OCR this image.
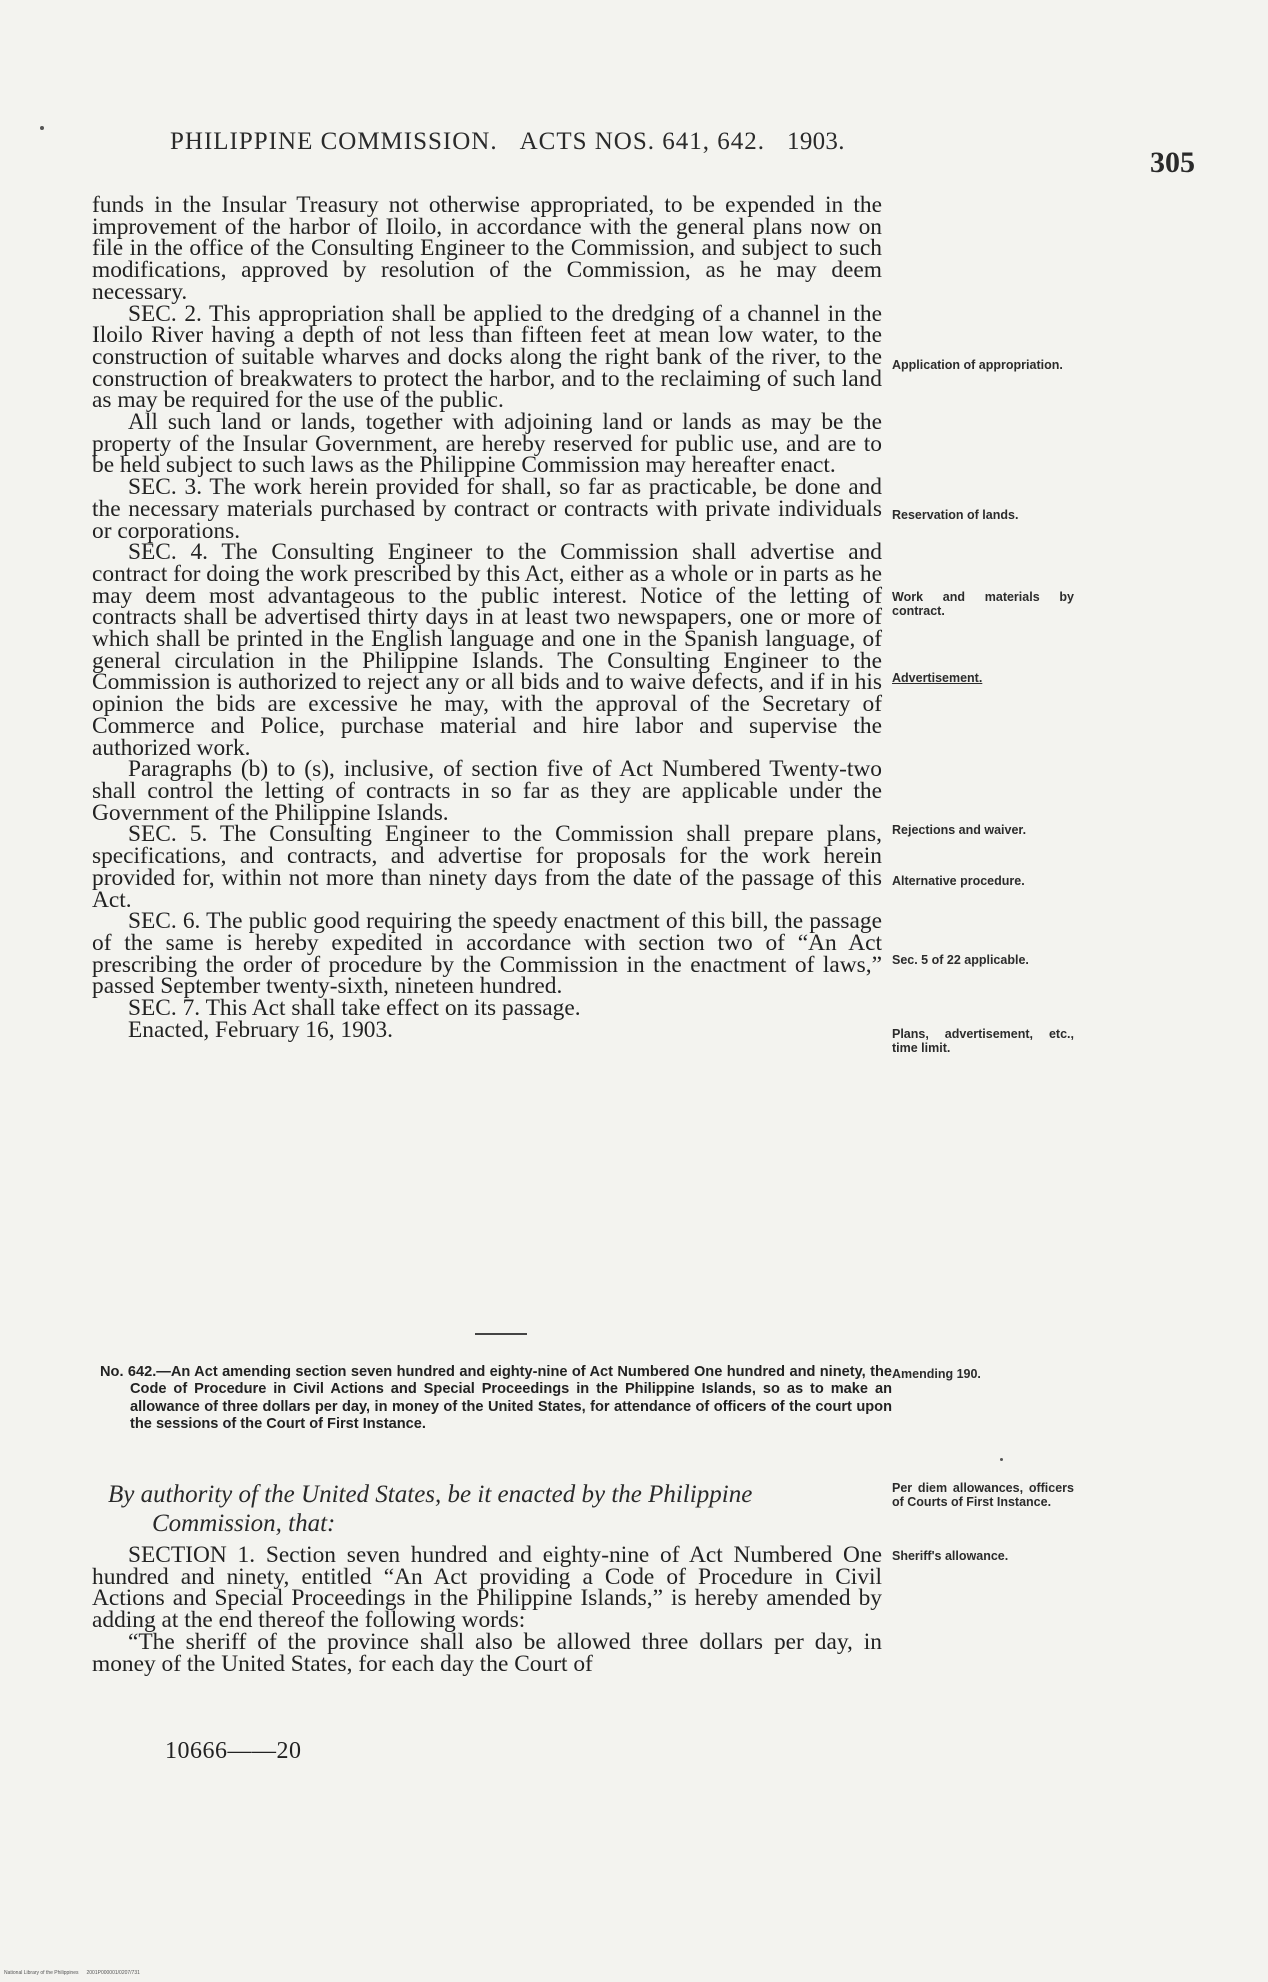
PHILIPPINE COMMISSION. ACTS NOS. 641, 642. 1903.
305

funds in the Insular Treasury not otherwise appropriated, to be expended in the improvement of the harbor of Iloilo, in accordance with the general plans now on file in the office of the Consulting Engineer to the Commission, and subject to such modifications, approved by resolution of the Commission, as he may deem necessary.

SEC. 2. This appropriation shall be applied to the dredging of a channel in the Iloilo River having a depth of not less than fifteen feet at mean low water, to the construction of suitable wharves and docks along the right bank of the river, to the construction of breakwaters to protect the harbor, and to the reclaiming of such land as may be required for the use of the public.

All such land or lands, together with adjoining land or lands as may be the property of the Insular Government, are hereby reserved for public use, and are to be held subject to such laws as the Philippine Commission may hereafter enact.

SEC. 3. The work herein provided for shall, so far as practicable, be done and the necessary materials purchased by contract or contracts with private individuals or corporations.

SEC. 4. The Consulting Engineer to the Commission shall advertise and contract for doing the work prescribed by this Act, either as a whole or in parts as he may deem most advantageous to the public interest. Notice of the letting of contracts shall be advertised thirty days in at least two newspapers, one or more of which shall be printed in the English language and one in the Spanish language, of general circulation in the Philippine Islands. The Consulting Engineer to the Commission is authorized to reject any or all bids and to waive defects, and if in his opinion the bids are excessive he may, with the approval of the Secretary of Commerce and Police, purchase material and hire labor and supervise the authorized work.

Paragraphs (b) to (s), inclusive, of section five of Act Numbered Twenty-two shall control the letting of contracts in so far as they are applicable under the Government of the Philippine Islands.

SEC. 5. The Consulting Engineer to the Commission shall prepare plans, specifications, and contracts, and advertise for proposals for the work herein provided for, within not more than ninety days from the date of the passage of this Act.

SEC. 6. The public good requiring the speedy enactment of this bill, the passage of the same is hereby expedited in accordance with section two of “An Act prescribing the order of procedure by the Commission in the enactment of laws,” passed September twenty-sixth, nineteen hundred.

SEC. 7. This Act shall take effect on its passage.

Enacted, February 16, 1903.

Application of appropriation.
Reservation of lands.
Work and materials by contract.
Advertisement.
Rejections and waiver.
Alternative procedure.
Sec. 5 of 22 applicable.
Plans, advertisement, etc., time limit.
Amending 190.
Per diem allowances, officers of Courts of First Instance.
Sheriff's allowance.
No. 642.—An Act amending section seven hundred and eighty-nine of Act Numbered One hundred and ninety, the Code of Procedure in Civil Actions and Special Proceedings in the Philippine Islands, so as to make an allowance of three dollars per day, in money of the United States, for attendance of officers of the court upon the sessions of the Court of First Instance.
By authority of the United States, be it enacted by the Philippine
Commission, that:

SECTION 1. Section seven hundred and eighty-nine of Act Numbered One hundred and ninety, entitled “An Act providing a Code of Procedure in Civil Actions and Special Proceedings in the Philippine Islands,” is hereby amended by adding at the end thereof the following words:

“The sheriff of the province shall also be allowed three dollars per day, in money of the United States, for each day the Court of

10666——20
National Library of the Philippines 2001P000001/0207/731
